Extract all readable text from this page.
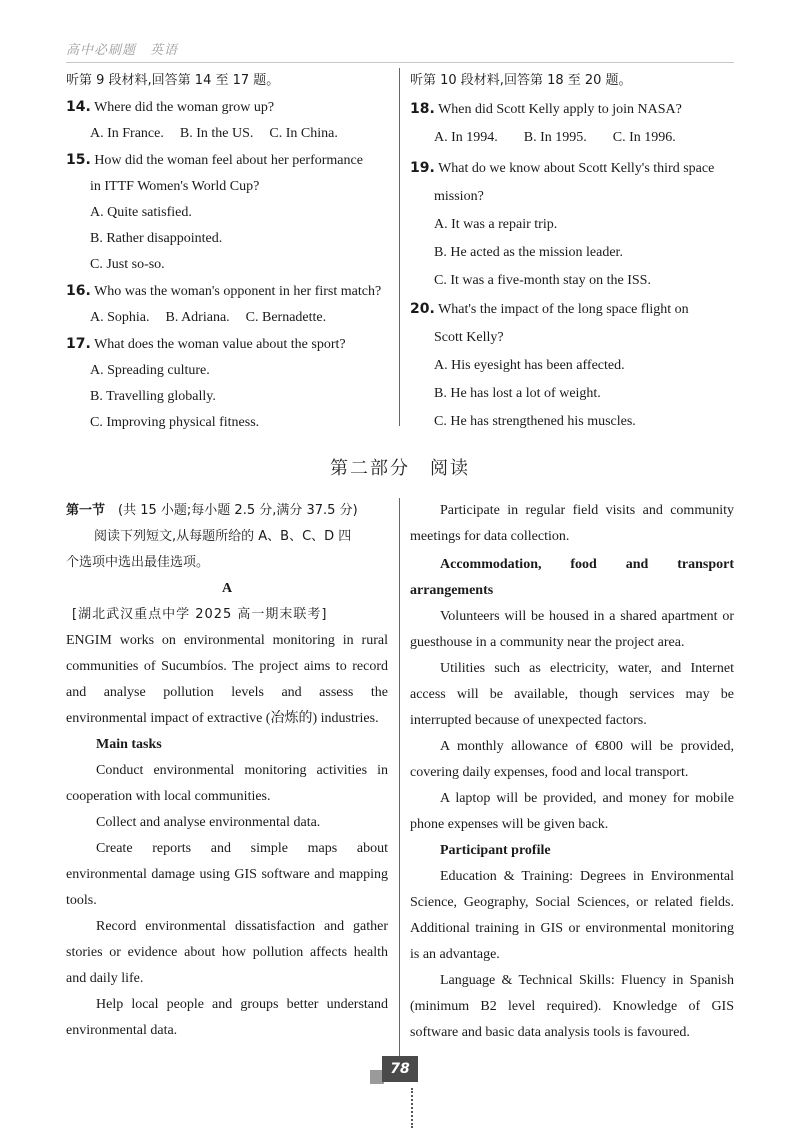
高中必刷题　英语
听第 9 段材料,回答第 14 至 17 题。
14. Where did the woman grow up?
A. In France. B. In the US. C. In China.
15. How did the woman feel about her performance
in ITTF Women's World Cup?
A. Quite satisfied.
B. Rather disappointed.
C. Just so-so.
16. Who was the woman's opponent in her first match?
A. Sophia. B. Adriana. C. Bernadette.
17. What does the woman value about the sport?
A. Spreading culture.
B. Travelling globally.
C. Improving physical fitness.
听第 10 段材料,回答第 18 至 20 题。
18. When did Scott Kelly apply to join NASA?
A. In 1994. B. In 1995. C. In 1996.
19. What do we know about Scott Kelly's third space
mission?
A. It was a repair trip.
B. He acted as the mission leader.
C. It was a five-month stay on the ISS.
20. What's the impact of the long space flight on
Scott Kelly?
A. His eyesight has been affected.
B. He has lost a lot of weight.
C. He has strengthened his muscles.
第二部分　阅读
第一节　 (共 15 小题;每小题 2.5 分,满分 37.5 分)
阅读下列短文,从每题所给的 A、B、C、D 四
个选项中选出最佳选项。
A
[湖北武汉重点中学 2025 高一期末联考]
ENGIM works on environmental monitoring in rural communities of Sucumbíos. The project aims to record and analyse pollution levels and assess the environmental impact of extractive (冶炼的) industries.
Main tasks
Conduct environmental monitoring activities in cooperation with local communities.
Collect and analyse environmental data.
Create reports and simple maps about environmental damage using GIS software and mapping tools.
Record environmental dissatisfaction and gather stories or evidence about how pollution affects health and daily life.
Help local people and groups better understand environmental data.
Participate in regular field visits and community meetings for data collection.
Accommodation, food and transport
arrangements
Volunteers will be housed in a shared apartment or guesthouse in a community near the project area.
Utilities such as electricity, water, and Internet access will be available, though services may be interrupted because of unexpected factors.
A monthly allowance of €800 will be provided, covering daily expenses, food and local transport.
A laptop will be provided, and money for mobile phone expenses will be given back.
Participant profile
Education & Training: Degrees in Environmental Science, Geography, Social Sciences, or related fields. Additional training in GIS or environmental monitoring is an advantage.
Language & Technical Skills: Fluency in Spanish (minimum B2 level required). Knowledge of GIS software and basic data analysis tools is favoured.
78
